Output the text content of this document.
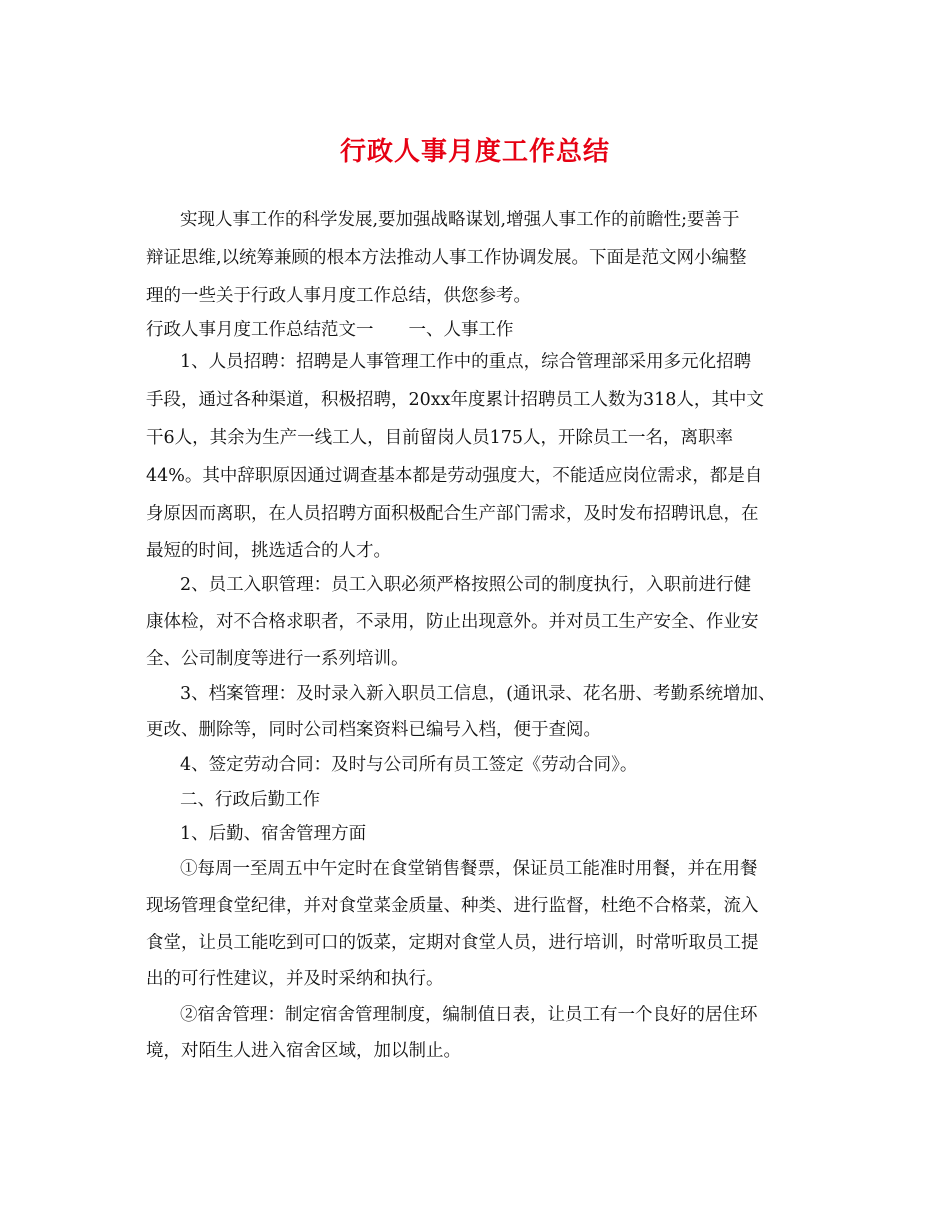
行政人事月度工作总结
实现人事工作的科学发展,要加强战略谋划,增强人事工作的前瞻性;要善于
辩证思维,以统筹兼顾的根本方法推动人事工作协调发展。下面是范文网小编整
理的一些关于行政人事月度工作总结，供您参考。
行政人事月度工作总结范文一　　一、人事工作
1、人员招聘：招聘是人事管理工作中的重点，综合管理部采用多元化招聘
手段，通过各种渠道，积极招聘，20xx年度累计招聘员工人数为318人，其中文
干6人，其余为生产一线工人，目前留岗人员175人，开除员工一名，离职率
44%。其中辞职原因通过调查基本都是劳动强度大，不能适应岗位需求，都是自
身原因而离职，在人员招聘方面积极配合生产部门需求，及时发布招聘讯息，在
最短的时间，挑选适合的人才。
2、员工入职管理：员工入职必须严格按照公司的制度执行，入职前进行健
康体检，对不合格求职者，不录用，防止出现意外。并对员工生产安全、作业安
全、公司制度等进行一系列培训。
3、档案管理：及时录入新入职员工信息，(通讯录、花名册、考勤系统增加、
更改、删除等，同时公司档案资料已编号入档，便于查阅。
4、签定劳动合同：及时与公司所有员工签定《劳动合同》。
二、行政后勤工作
1、后勤、宿舍管理方面
①每周一至周五中午定时在食堂销售餐票，保证员工能准时用餐，并在用餐
现场管理食堂纪律，并对食堂菜金质量、种类、进行监督，杜绝不合格菜，流入
食堂，让员工能吃到可口的饭菜，定期对食堂人员，进行培训，时常听取员工提
出的可行性建议，并及时采纳和执行。
②宿舍管理：制定宿舍管理制度，编制值日表，让员工有一个良好的居住环
境，对陌生人进入宿舍区域，加以制止。
